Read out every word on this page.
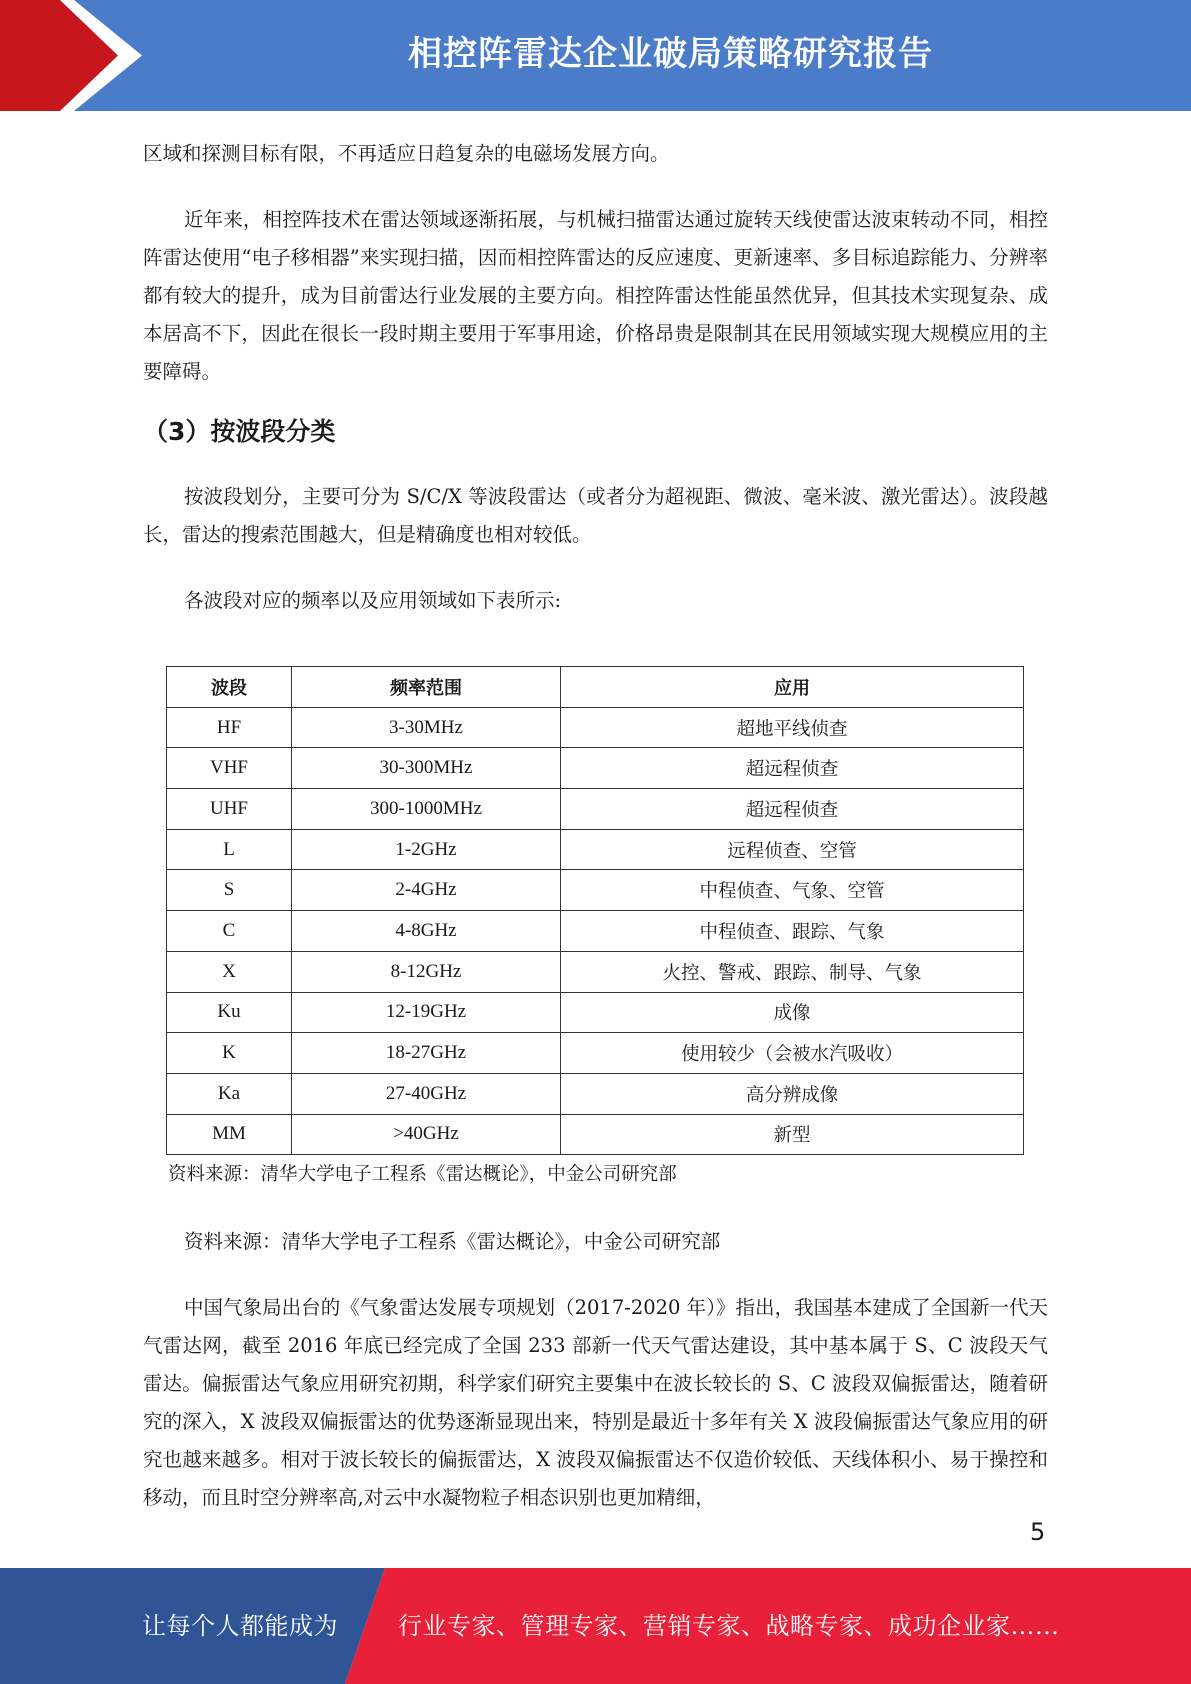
相控阵雷达企业破局策略研究报告

区域和探测目标有限，不再适应日趋复杂的电磁场发展方向。

近年来，相控阵技术在雷达领域逐渐拓展，与机械扫描雷达通过旋转天线使雷达波束转动不同，相控阵雷达使用“电子移相器”来实现扫描，因而相控阵雷达的反应速度、更新速率、多目标追踪能力、分辨率都有较大的提升，成为目前雷达行业发展的主要方向。相控阵雷达性能虽然优异，但其技术实现复杂、成本居高不下，因此在很长一段时期主要用于军事用途，价格昂贵是限制其在民用领域实现大规模应用的主要障碍。

（3）按波段分类

按波段划分，主要可分为 S/C/X 等波段雷达（或者分为超视距、微波、毫米波、激光雷达）。波段越长，雷达的搜索范围越大，但是精确度也相对较低。

各波段对应的频率以及应用领域如下表所示:

波段	频率范围	应用
HF	3-30MHz	超地平线侦查
VHF	30-300MHz	超远程侦查
UHF	300-1000MHz	超远程侦查
L	1-2GHz	远程侦查、空管
S	2-4GHz	中程侦查、气象、空管
C	4-8GHz	中程侦查、跟踪、气象
X	8-12GHz	火控、警戒、跟踪、制导、气象
Ku	12-19GHz	成像
K	18-27GHz	使用较少（会被水汽吸收）
Ka	27-40GHz	高分辨成像
MM	>40GHz	新型
资料来源：清华大学电子工程系《雷达概论》，中金公司研究部

资料来源：清华大学电子工程系《雷达概论》，中金公司研究部

中国气象局出台的《气象雷达发展专项规划（2017-2020 年）》指出，我国基本建成了全国新一代天气雷达网，截至 2016 年底已经完成了全国 233 部新一代天气雷达建设，其中基本属于 S、C 波段天气雷达。偏振雷达气象应用研究初期，科学家们研究主要集中在波长较长的 S、C 波段双偏振雷达，随着研究的深入，X 波段双偏振雷达的优势逐渐显现出来，特别是最近十多年有关 X 波段偏振雷达气象应用的研究也越来越多。相对于波长较长的偏振雷达，X 波段双偏振雷达不仅造价较低、天线体积小、易于操控和移动，而且时空分辨率高,对云中水凝物粒子相态识别也更加精细，

5
让每个人都能成为	行业专家、管理专家、营销专家、战略专家、成功企业家……
